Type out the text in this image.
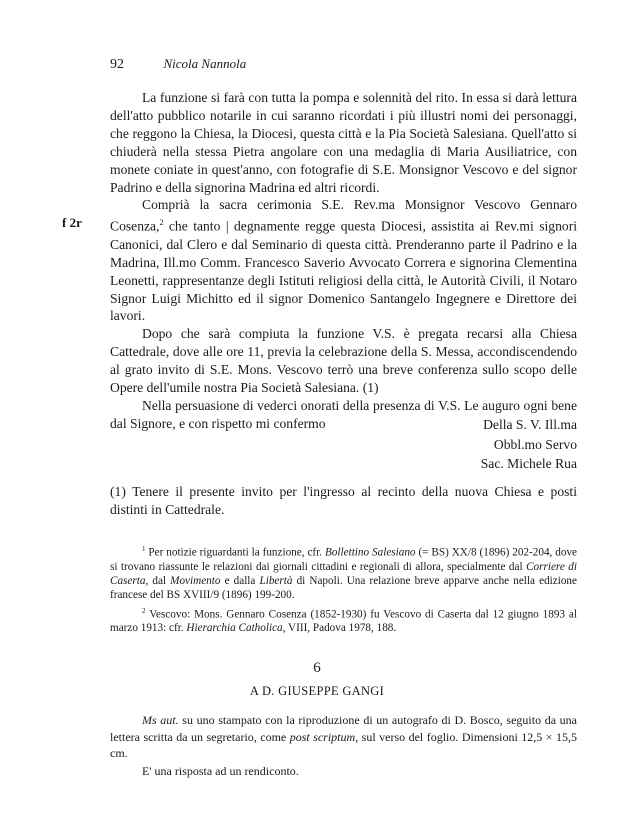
92	Nicola Nannola
f 2r

La funzione si farà con tutta la pompa e solennità del rito. In essa si darà lettura dell'atto pubblico notarile in cui saranno ricordati i più illustri nomi dei personaggi, che reggono la Chiesa, la Diocesi, questa città e la Pia Società Salesiana. Quell'atto si chiuderà nella stessa Pietra angolare con una medaglia di Maria Ausiliatrice, con monete coniate in quest'anno, con fotografie di S.E. Monsignor Vescovo e del signor Padrino e della signorina Madrina ed altri ricordi.

Comprià la sacra cerimonia S.E. Rev.ma Monsignor Vescovo Gennaro Cosenza,$^2$ che tanto | degnamente regge questa Diocesi, assistita ai Rev.mi signori Canonici, dal Clero e dal Seminario di questa città. Prenderanno parte il Padrino e la Madrina, Ill.mo Comm. Francesco Saverio Avvocato Correra e signorina Clementina Leonetti, rappresentanze degli Istituti religiosi della città, le Autorità Civili, il Notaro Signor Luigi Michitto ed il signor Domenico Santangelo Ingegnere e Direttore dei lavori.

Dopo che sarà compiuta la funzione V.S. è pregata recarsi alla Chiesa Cattedrale, dove alle ore 11, previa la celebrazione della S. Messa, accondiscendendo al grato invito di S.E. Mons. Vescovo terrò una breve conferenza sullo scopo delle Opere dell'umile nostra Pia Società Salesiana. (1)

Nella persuasione di vederci onorati della presenza di V.S. Le auguro ogni bene dal Signore, e con rispetto mi confermo	Della S. V. Ill.ma
Obbl.mo Servo
Sac. Michele Rua

(1) Tenere il presente invito per l'ingresso al recinto della nuova Chiesa e posti distinti in Cattedrale.

$^1$ Per notizie riguardanti la funzione, cfr. Bollettino Salesiano (= BS) XX/8 (1896) 202-204, dove si trovano riassunte le relazioni dai giornali cittadini e regionali di allora, specialmente dal Corriere di Caserta, dal Movimento e dalla Libertà di Napoli. Una relazione breve apparve anche nella edizione francese del BS XVIII/9 (1896) 199-200.

$^2$ Vescovo: Mons. Gennaro Cosenza (1852-1930) fu Vescovo di Caserta dal 12 giugno 1893 al marzo 1913: cfr. Hierarchia Catholica, VIII, Padova 1978, 188.

6
A D. GIUSEPPE GANGI

Ms aut. su uno stampato con la riproduzione di un autografo di D. Bosco, seguito da una lettera scritta da un segretario, come post scriptum, sul verso del foglio. Dimensioni 12,5 × 15,5 cm.

E' una risposta ad un rendiconto.
